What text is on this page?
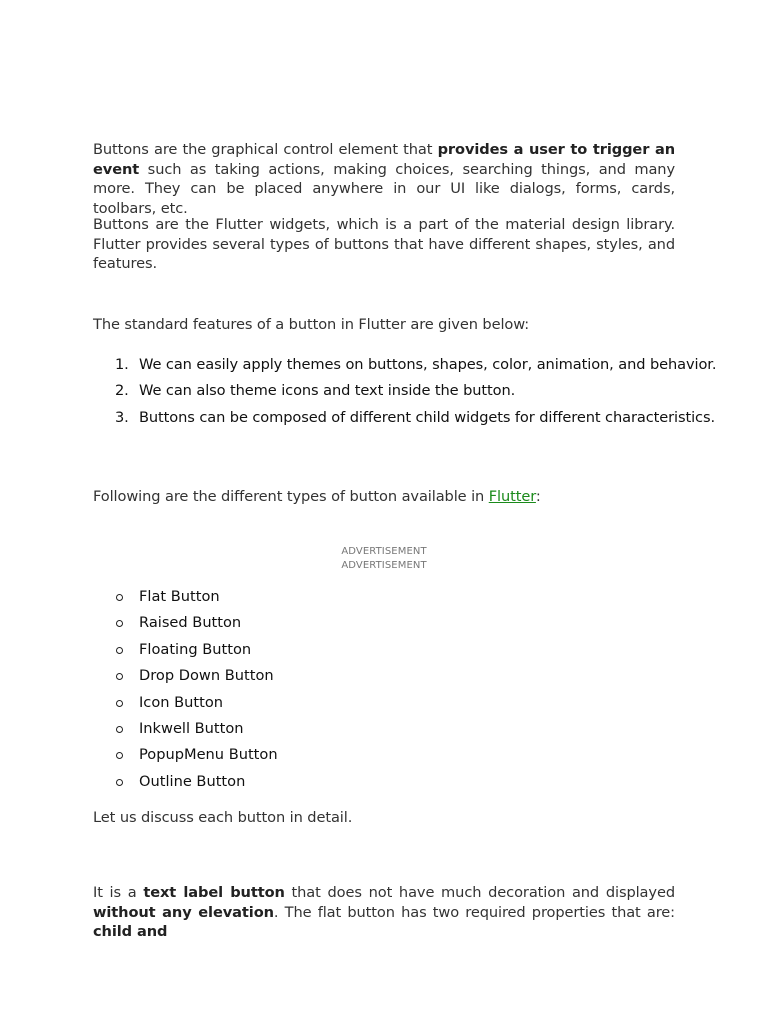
Buttons are the graphical control element that provides a user to trigger an event such as taking actions, making choices, searching things, and many more. They can be placed anywhere in our UI like dialogs, forms, cards, toolbars, etc.

Buttons are the Flutter widgets, which is a part of the material design library. Flutter provides several types of buttons that have different shapes, styles, and features.

The standard features of a button in Flutter are given below:

1. We can easily apply themes on buttons, shapes, color, animation, and behavior.
2. We can also theme icons and text inside the button.
3. Buttons can be composed of different child widgets for different characteristics.

Following are the different types of button available in Flutter:

ADVERTISEMENT
ADVERTISEMENT
Flat Button
Raised Button
Floating Button
Drop Down Button
Icon Button
Inkwell Button
PopupMenu Button
Outline Button

Let us discuss each button in detail.

It is a text label button that does not have much decoration and displayed without any elevation. The flat button has two required properties that are: child and
